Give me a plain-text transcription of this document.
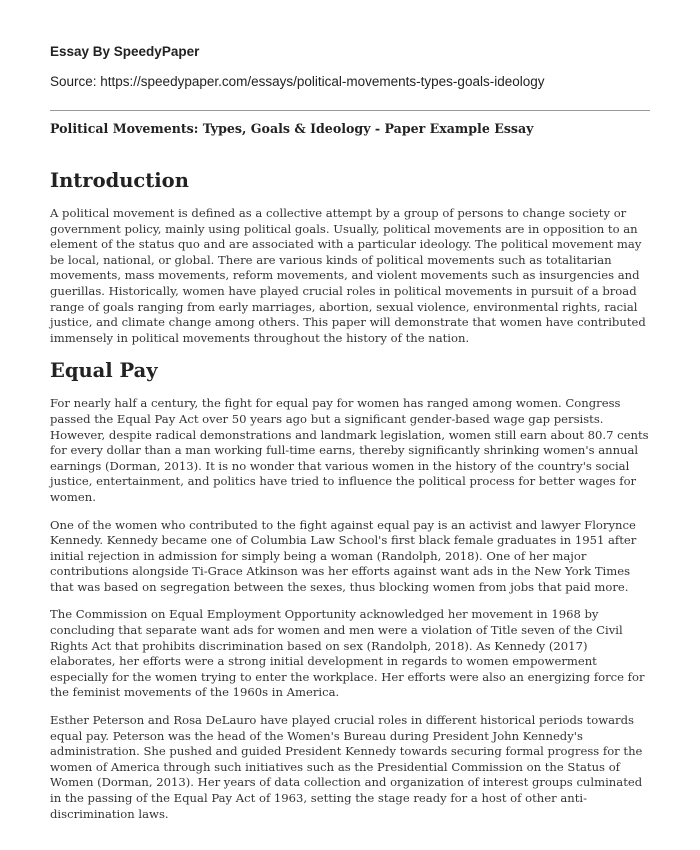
Essay By SpeedyPaper

Source: https://speedypaper.com/essays/political-movements-types-goals-ideology

Political Movements: Types, Goals & Ideology - Paper Example Essay

Introduction

A political movement is defined as a collective attempt by a group of persons to change society or government policy, mainly using political goals. Usually, political movements are in opposition to an element of the status quo and are associated with a particular ideology. The political movement may be local, national, or global. There are various kinds of political movements such as totalitarian movements, mass movements, reform movements, and violent movements such as insurgencies and guerillas. Historically, women have played crucial roles in political movements in pursuit of a broad range of goals ranging from early marriages, abortion, sexual violence, environmental rights, racial justice, and climate change among others. This paper will demonstrate that women have contributed immensely in political movements throughout the history of the nation.

Equal Pay

For nearly half a century, the fight for equal pay for women has ranged among women. Congress passed the Equal Pay Act over 50 years ago but a significant gender-based wage gap persists. However, despite radical demonstrations and landmark legislation, women still earn about 80.7 cents for every dollar than a man working full-time earns, thereby significantly shrinking women's annual earnings (Dorman, 2013). It is no wonder that various women in the history of the country's social justice, entertainment, and politics have tried to influence the political process for better wages for women.

One of the women who contributed to the fight against equal pay is an activist and lawyer Florynce Kennedy. Kennedy became one of Columbia Law School's first black female graduates in 1951 after initial rejection in admission for simply being a woman (Randolph, 2018). One of her major contributions alongside Ti-Grace Atkinson was her efforts against want ads in the New York Times that was based on segregation between the sexes, thus blocking women from jobs that paid more.

The Commission on Equal Employment Opportunity acknowledged her movement in 1968 by concluding that separate want ads for women and men were a violation of Title seven of the Civil Rights Act that prohibits discrimination based on sex (Randolph, 2018). As Kennedy (2017) elaborates, her efforts were a strong initial development in regards to women empowerment especially for the women trying to enter the workplace. Her efforts were also an energizing force for the feminist movements of the 1960s in America.

Esther Peterson and Rosa DeLauro have played crucial roles in different historical periods towards equal pay. Peterson was the head of the Women's Bureau during President John Kennedy's administration. She pushed and guided President Kennedy towards securing formal progress for the women of America through such initiatives such as the Presidential Commission on the Status of Women (Dorman, 2013). Her years of data collection and organization of interest groups culminated in the passing of the Equal Pay Act of 1963, setting the stage ready for a host of other anti-discrimination laws.
